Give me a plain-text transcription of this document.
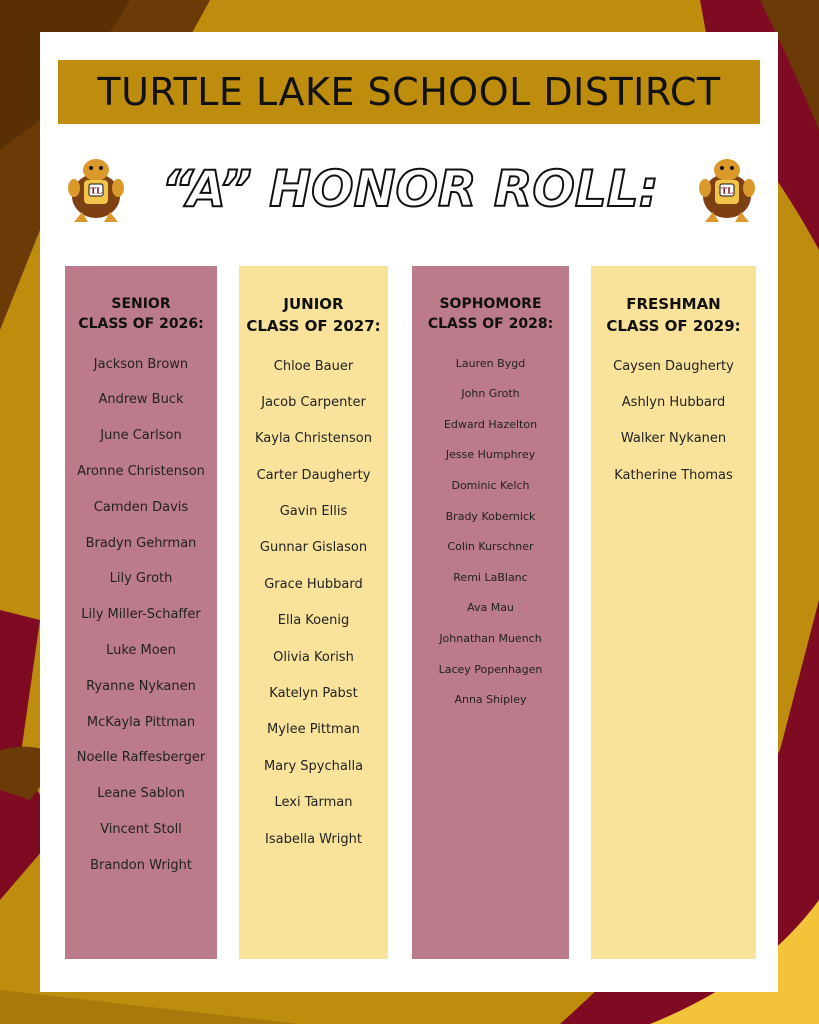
TURTLE LAKE SCHOOL DISTIRCT
TL “A” HONOR ROLL:	TL
SENIOR
CLASS OF 2026:
Jackson Brown
Andrew Buck
June Carlson
Aronne Christenson
Camden Davis
Bradyn Gehrman
Lily Groth
Lily Miller-Schaffer
Luke Moen
Ryanne Nykanen
McKayla Pittman
Noelle Raffesberger
Leane Sablon
Vincent Stoll
Brandon Wright
JUNIOR
CLASS OF 2027:
Chloe Bauer
Jacob Carpenter
Kayla Christenson
Carter Daugherty
Gavin Ellis
Gunnar Gislason
Grace Hubbard
Ella Koenig
Olivia Korish
Katelyn Pabst
Mylee Pittman
Mary Spychalla
Lexi Tarman
Isabella Wright
SOPHOMORE
CLASS OF 2028:
Lauren Bygd
John Groth
Edward Hazelton
Jesse Humphrey
Dominic Kelch
Brady Kobernick
Colin Kurschner
Remi LaBlanc
Ava Mau
Johnathan Muench
Lacey Popenhagen
Anna Shipley
FRESHMAN
CLASS OF 2029:
Caysen Daugherty
Ashlyn Hubbard
Walker Nykanen
Katherine Thomas
